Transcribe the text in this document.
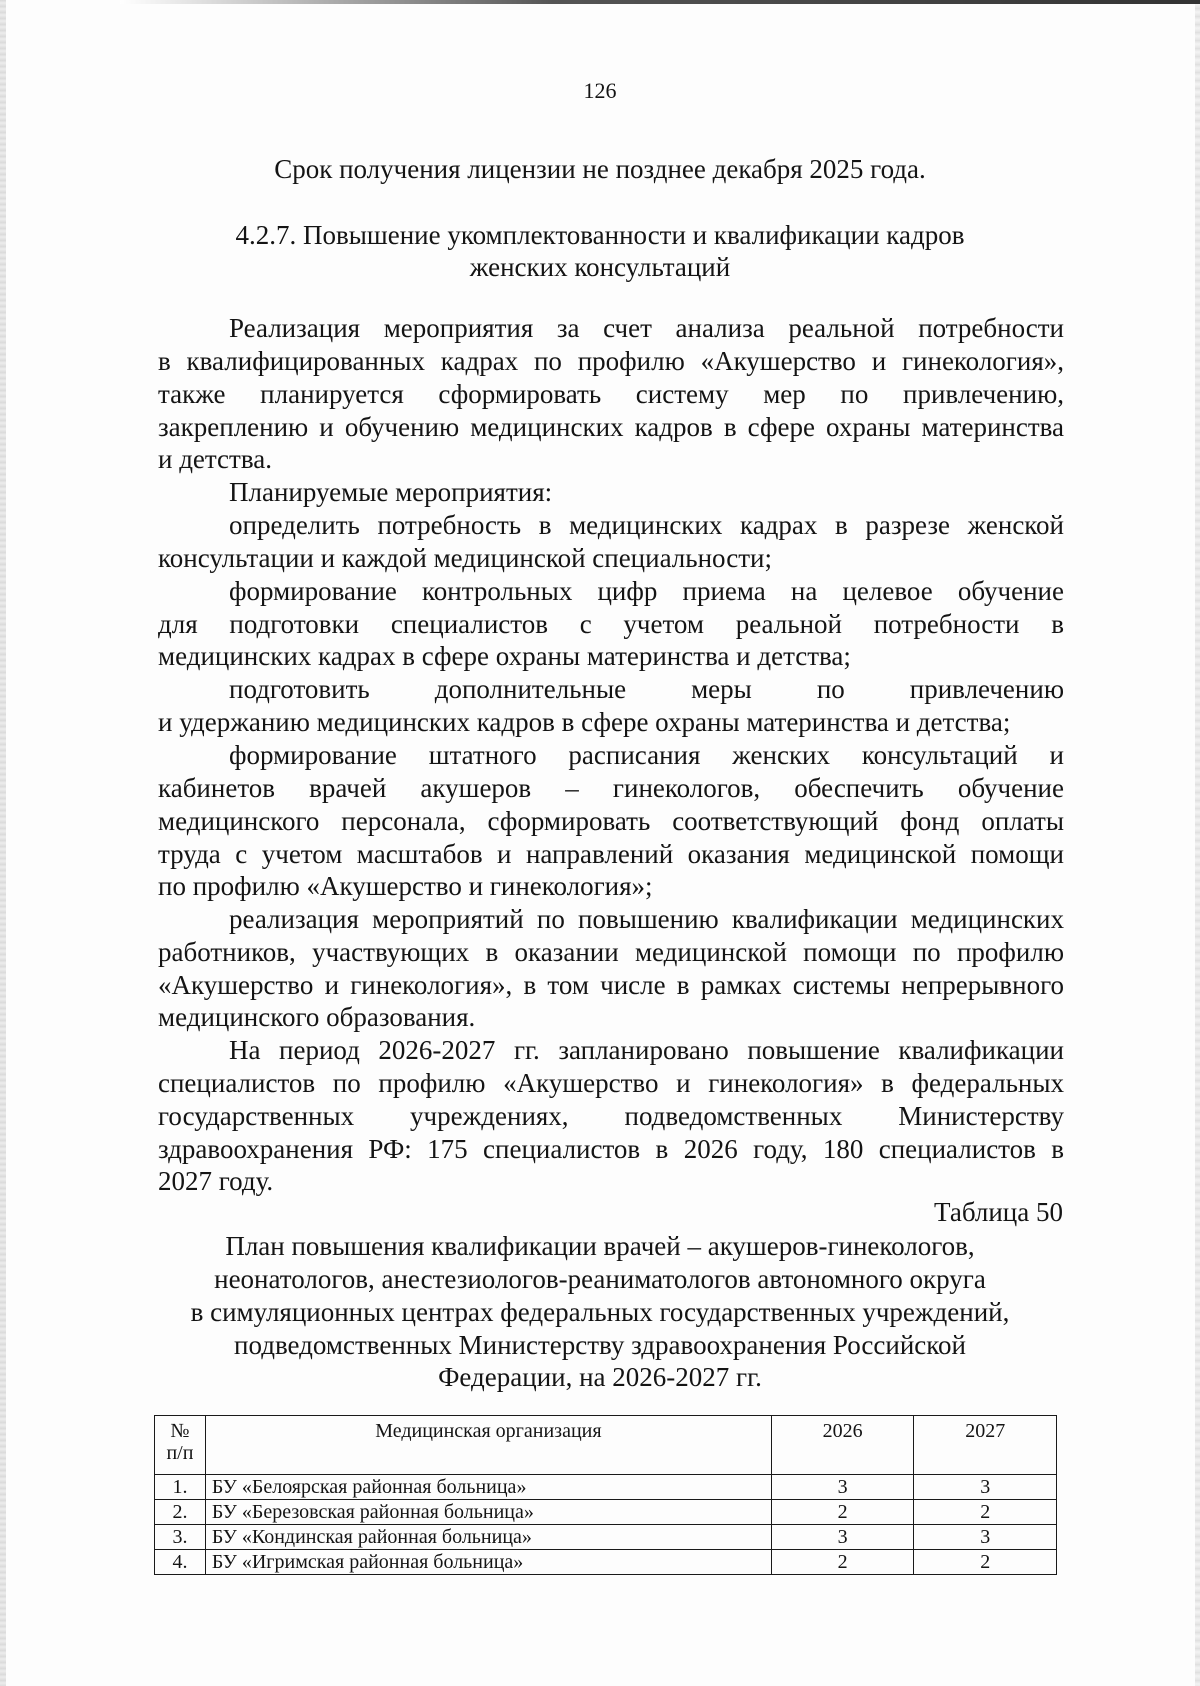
126
Срок получения лицензии не позднее декабря 2025 года.
4.2.7. Повышение укомплектованности и квалификации кадров
женских консультаций
Реализация мероприятия за счет анализа реальной потребности
в квалифицированных кадрах по профилю «Акушерство и гинекология»,
также планируется сформировать систему мер по привлечению,
закреплению и обучению медицинских кадров в сфере охраны материнства
и детства.
Планируемые мероприятия:
определить потребность в медицинских кадрах в разрезе женской
консультации и каждой медицинской специальности;
формирование контрольных цифр приема на целевое обучение
для подготовки специалистов с учетом реальной потребности в
медицинских кадрах в сфере охраны материнства и детства;
подготовить дополнительные меры по привлечению
и удержанию медицинских кадров в сфере охраны материнства и детства;
формирование штатного расписания женских консультаций и
кабинетов врачей акушеров – гинекологов, обеспечить обучение
медицинского персонала, сформировать соответствующий фонд оплаты
труда с учетом масштабов и направлений оказания медицинской помощи
по профилю «Акушерство и гинекология»;
реализация мероприятий по повышению квалификации медицинских
работников, участвующих в оказании медицинской помощи по профилю
«Акушерство и гинекология», в том числе в рамках системы непрерывного
медицинского образования.
На период 2026-2027 гг. запланировано повышение квалификации
специалистов по профилю «Акушерство и гинекология» в федеральных
государственных учреждениях, подведомственных Министерству
здравоохранения РФ: 175 специалистов в 2026 году, 180 специалистов в
2027 году.
Таблица 50
План повышения квалификации врачей – акушеров-гинекологов,
неонатологов, анестезиологов-реаниматологов автономного округа
в симуляционных центрах федеральных государственных учреждений,
подведомственных Министерству здравоохранения Российской
Федерации, на 2026-2027 гг.
№
п/п	Медицинская организация	2026	2027
1.	БУ «Белоярская районная больница»	3	3
2.	БУ «Березовская районная больница»	2	2
3.	БУ «Кондинская районная больница»	3	3
4.	БУ «Игримская районная больница»	2	2
